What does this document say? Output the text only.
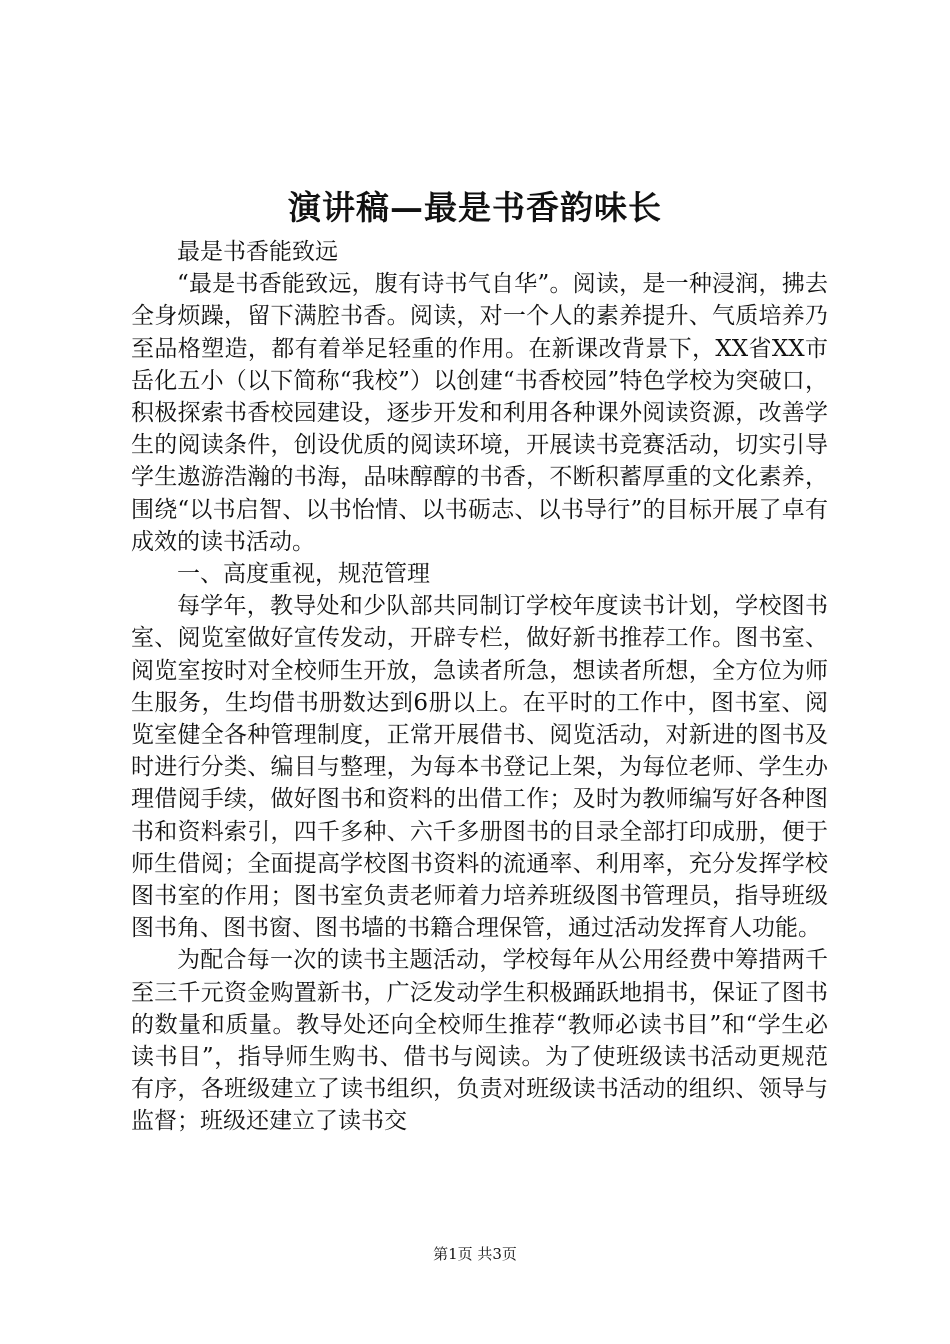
演讲稿—最是书香韵味长

最是书香能致远

“最是书香能致远，腹有诗书气自华”。阅读，是一种浸润，拂去全身烦躁，留下满腔书香。阅读，对一个人的素养提升、气质培养乃至品格塑造，都有着举足轻重的作用。在新课改背景下，XX省XX市岳化五小（以下简称“我校”）以创建“书香校园”特色学校为突破口，积极探索书香校园建设，逐步开发和利用各种课外阅读资源，改善学生的阅读条件，创设优质的阅读环境，开展读书竞赛活动，切实引导学生遨游浩瀚的书海，品味醇醇的书香，不断积蓄厚重的文化素养，围绕“以书启智、以书怡情、以书砺志、以书导行”的目标开展了卓有成效的读书活动。

一、高度重视，规范管理

每学年，教导处和少队部共同制订学校年度读书计划，学校图书室、阅览室做好宣传发动，开辟专栏，做好新书推荐工作。图书室、阅览室按时对全校师生开放，急读者所急，想读者所想，全方位为师生服务，生均借书册数达到6册以上。在平时的工作中，图书室、阅览室健全各种管理制度，正常开展借书、阅览活动，对新进的图书及时进行分类、编目与整理，为每本书登记上架，为每位老师、学生办理借阅手续，做好图书和资料的出借工作；及时为教师编写好各种图书和资料索引，四千多种、六千多册图书的目录全部打印成册，便于师生借阅；全面提高学校图书资料的流通率、利用率，充分发挥学校图书室的作用；图书室负责老师着力培养班级图书管理员，指导班级图书角、图书窗、图书墙的书籍合理保管，通过活动发挥育人功能。

为配合每一次的读书主题活动，学校每年从公用经费中筹措两千至三千元资金购置新书，广泛发动学生积极踊跃地捐书，保证了图书的数量和质量。教导处还向全校师生推荐“教师必读书目”和“学生必读书目”，指导师生购书、借书与阅读。为了使班级读书活动更规范有序，各班级建立了读书组织，负责对班级读书活动的组织、领导与监督；班级还建立了读书交

第1页 共3页
